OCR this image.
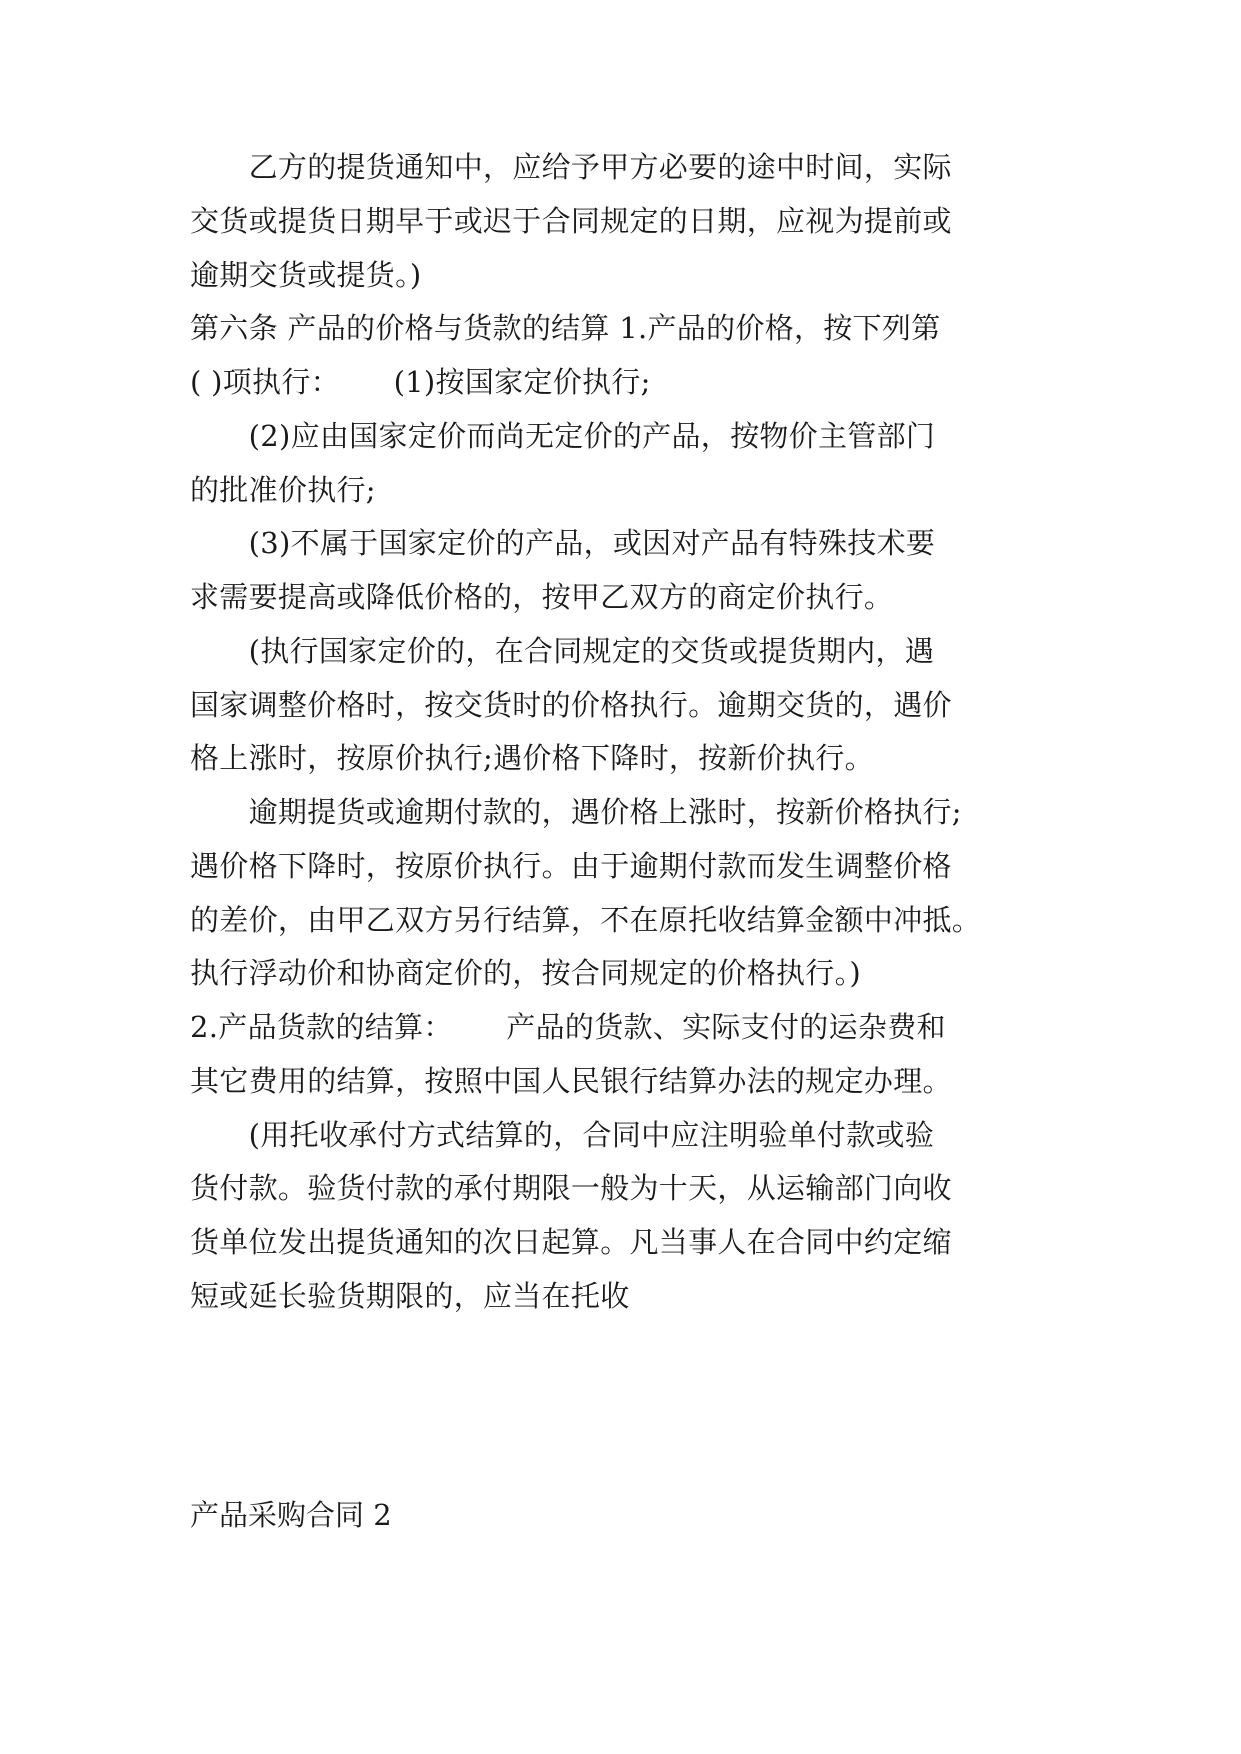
　　乙方的提货通知中，应给予甲方必要的途中时间，实际
交货或提货日期早于或迟于合同规定的日期，应视为提前或
逾期交货或提货。)
第六条 产品的价格与货款的结算 1.产品的价格，按下列第
( )项执行：　　 (1)按国家定价执行;
　　(2)应由国家定价而尚无定价的产品，按物价主管部门
的批准价执行;
　　(3)不属于国家定价的产品，或因对产品有特殊技术要
求需要提高或降低价格的，按甲乙双方的商定价执行。
　　(执行国家定价的，在合同规定的交货或提货期内，遇
国家调整价格时，按交货时的价格执行。逾期交货的，遇价
格上涨时，按原价执行;遇价格下降时，按新价执行。
　　逾期提货或逾期付款的，遇价格上涨时，按新价格执行;
遇价格下降时，按原价执行。由于逾期付款而发生调整价格
的差价，由甲乙双方另行结算，不在原托收结算金额中冲抵。
执行浮动价和协商定价的，按合同规定的价格执行。)
2.产品货款的结算：　　 产品的货款、实际支付的运杂费和
其它费用的结算，按照中国人民银行结算办法的规定办理。
　　(用托收承付方式结算的，合同中应注明验单付款或验
货付款。验货付款的承付期限一般为十天，从运输部门向收
货单位发出提货通知的次日起算。凡当事人在合同中约定缩
短或延长验货期限的，应当在托收
产品采购合同 2
